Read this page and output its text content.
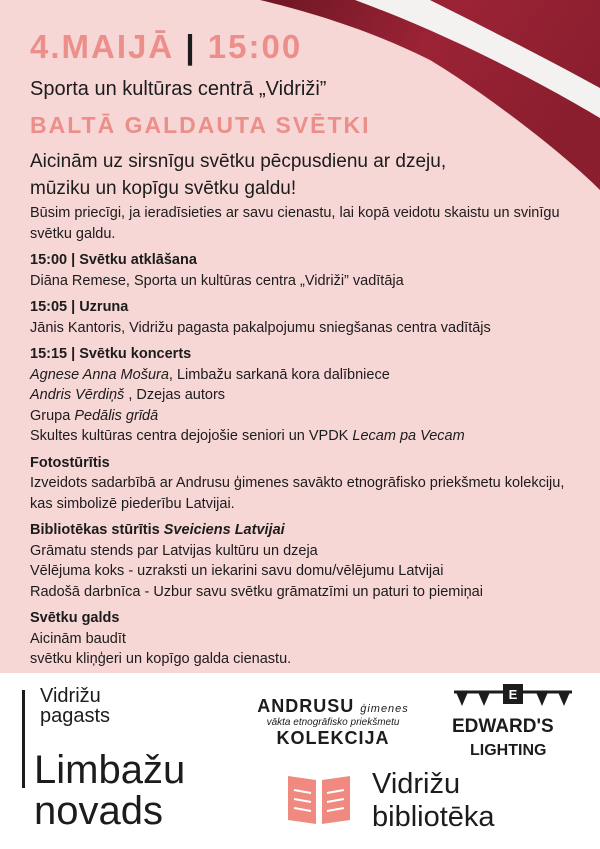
4.MAIJĀ | 15:00
Sporta un kultūras centrā „Vidriži”
BALTĀ GALDAUTA SVĒTKI
Aicinām uz sirsnīgu svētku pēcpusdienu ar dzeju,
mūziku un kopīgu svētku galdu!

Būsim priecīgi, ja ieradīsieties ar savu cienastu, lai kopā veidotu skaistu un svinīgu svētku galdu.

15:00 | Svētku atklāšana

Diāna Remese, Sporta un kultūras centra „Vidriži” vadītāja

15:05 | Uzruna

Jānis Kantoris, Vidrižu pagasta pakalpojumu sniegšanas centra vadītājs

15:15 | Svētku koncerts

Agnese Anna Mošura, Limbažu sarkanā kora dalībniece

Andris Vērdiņš , Dzejas autors

Grupa Pedālis grīdā

Skultes kultūras centra dejojošie seniori un VPDK Lecam pa Vecam

Fotostūrītis

Izveidots sadarbībā ar Andrusu ģimenes savākto etnogrāfisko priekšmetu kolekciju, kas simbolizē piederību Latvijai.

Bibliotēkas stūrītis Sveiciens Latvijai

Grāmatu stends par Latvijas kultūru un dzeja

Vēlējuma koks - uzraksti un iekarini savu domu/vēlējumu Latvijai

Radošā darbnīca - Uzbur savu svētku grāmatzīmi un paturi to piemiņai

Svētku galds

Aicinām baudīt

svētku kliņģeri un kopīgo galda cienastu.

Vidrižu
pagasts
Limbažu
novads
ANDRUSU ģimenes
vākta etnogrāfisko priekšmetu
KOLEKCIJA
E
EDWARD'S
LIGHTING
Vidrižu
bibliotēka
